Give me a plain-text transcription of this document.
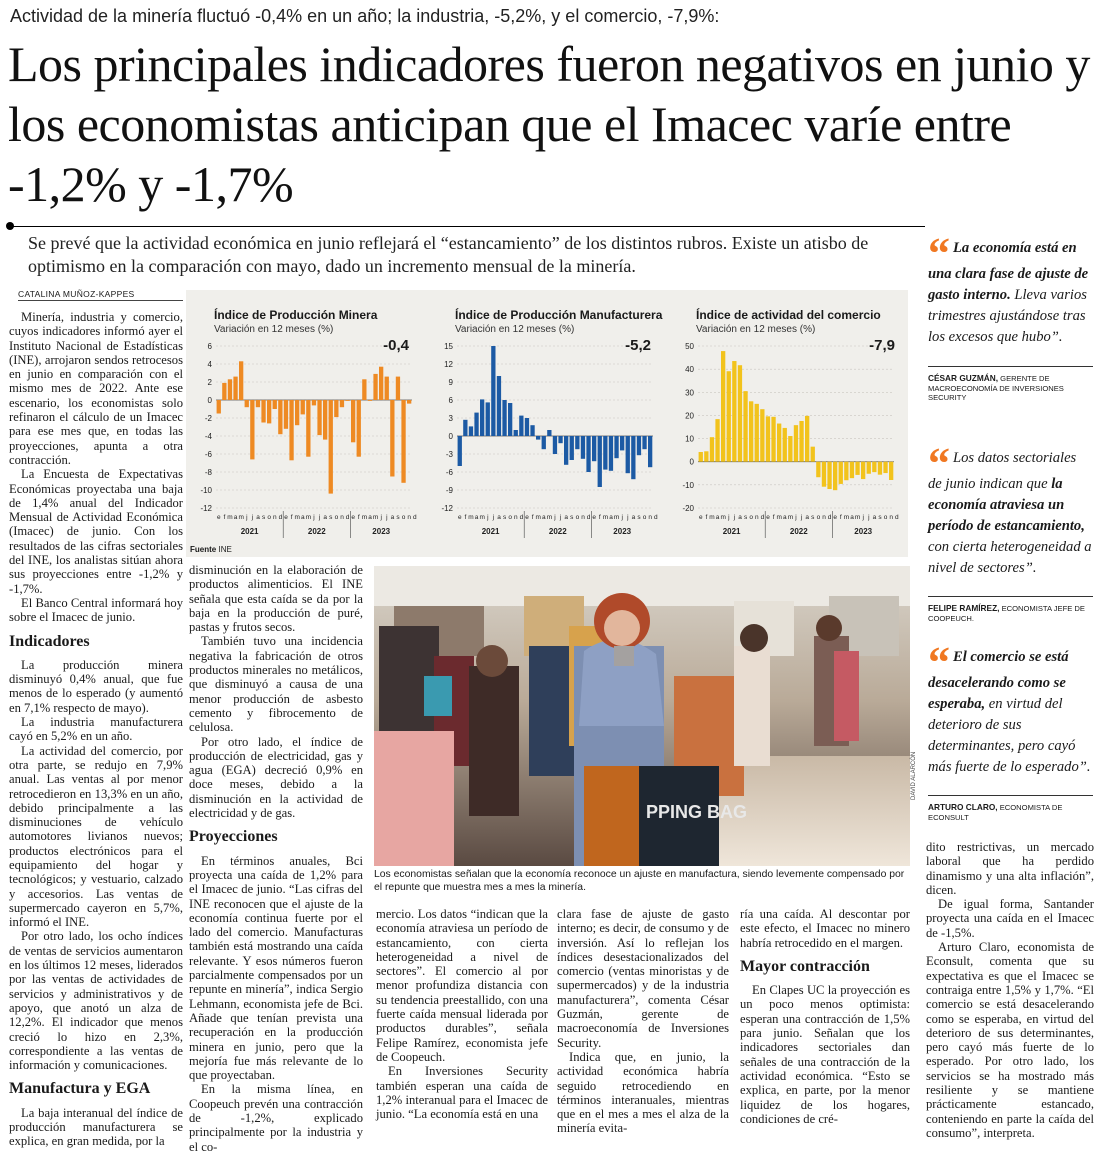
Actividad de la minería fluctuó -0,4% en un año; la industria, -5,2%, y el comercio, -7,9%:
Los principales indicadores fueron negativos en junio y los economistas anticipan que el Imacec varíe entre -1,2% y -1,7%
Se prevé que la actividad económica en junio reflejará el “estancamiento” de los distintos rubros. Existe un atisbo de optimismo en la comparación con mayo, dado un incremento mensual de la minería.
CATALINA MUÑOZ-KAPPES

Minería, industria y comercio, cuyos indicadores informó ayer el Instituto Nacional de Estadísticas (INE), arrojaron sendos retrocesos en junio en comparación con el mismo mes de 2022. Ante ese escenario, los economistas solo refinaron el cálculo de un Imacec para ese mes que, en todas las proyecciones, apunta a otra contracción.

La Encuesta de Expectativas Económicas proyectaba una baja de 1,4% anual del Indicador Mensual de Actividad Económica (Imacec) de junio. Con los resultados de las cifras sectoriales del INE, los analistas sitúan ahora sus proyecciones entre -1,2% y -1,7%.

El Banco Central informará hoy sobre el Imacec de junio.

Indicadores

La producción minera disminuyó 0,4% anual, que fue menos de lo esperado (y aumentó en 7,1% respecto de mayo).

La industria manufacturera cayó en 5,2% en un año.

La actividad del comercio, por otra parte, se redujo en 7,9% anual. Las ventas al por menor retrocedieron en 13,3% en un año, debido principalmente a las disminuciones de vehículo automotores livianos nuevos; productos electrónicos para el equipamiento del hogar y tecnológicos; y vestuario, calzado y accesorios. Las ventas de supermercado cayeron en 5,7%, informó el INE.

Por otro lado, los ocho índices de ventas de servicios aumentaron en los últimos 12 meses, liderados por las ventas de actividades de servicios y administrativos y de apoyo, que anotó un alza de 12,2%. El indicador que menos creció lo hizo en 2,3%, correspondiente a las ventas de información y comunicaciones.

Manufactura y EGA

La baja interanual del índice de producción manufacturera se explica, en gran medida, por la

6
4
2
0
-2
-4
-6
-8
-10
-12
e f m a m j j a s o n d e f m a m j j a s o n d e f m a m j j a s o n d
2021	2022	2023
Índice de Producción Minera
Variación en 12 meses (%)
-0,4	15
12
9
6
3
0
-3
-6
-9
-12
e f m a m j j a s o n d e f m a m j j a s o n d e f m a m j j a s o n d
2021	2022	2023
Índice de Producción Manufacturera
Variación en 12 meses (%)
-5,2	50
40
30
20
10
0
-10
-20
e f m a m j j a s o n d e f m a m j j a s o n d e f m a m j j a s o n d
2021	2022	2023
Índice de actividad del comercio
Variación en 12 meses (%)
-7,9
Fuente INE

disminución en la elaboración de productos alimenticios. El INE señala que esta caída se da por la baja en la producción de puré, pastas y frutos secos.

También tuvo una incidencia negativa la fabricación de otros productos minerales no metálicos, que disminuyó a causa de una menor producción de asbesto cemento y fibrocemento de celulosa.

Por otro lado, el índice de producción de electricidad, gas y agua (EGA) decreció 0,9% en doce meses, debido a la disminución en la actividad de electricidad y de gas.

Proyecciones

En términos anuales, Bci proyecta una caída de 1,2% para el Imacec de junio. “Las cifras del INE reconocen que el ajuste de la economía continua fuerte por el lado del comercio. Manufacturas también está mostrando una caída relevante. Y esos números fueron parcialmente compensados por un repunte en minería”, indica Sergio Lehmann, economista jefe de Bci. Añade que tenían prevista una recuperación en la producción minera en junio, pero que la mejoría fue más relevante de lo que proyectaban.

En la misma línea, en Coopeuch prevén una contracción de -1,2%, explicado principalmente por la industria y el co-

PPING BAG
DAVID ALARCÓN
Los economistas señalan que la economía reconoce un ajuste en manufactura, siendo levemente compensado por el repunte que muestra mes a mes la minería.

mercio. Los datos “indican que la economía atraviesa un período de estancamiento, con cierta heterogeneidad a nivel de sectores”. El comercio al por menor profundiza distancia con su tendencia preestallido, con una fuerte caída mensual liderada por productos durables”, señala Felipe Ramírez, economista jefe de Coopeuch.

En Inversiones Security también esperan una caída de 1,2% interanual para el Imacec de junio. “La economía está en una

clara fase de ajuste de gasto interno; es decir, de consumo y de inversión. Así lo reflejan los índices desestacionalizados del comercio (ventas minoristas y de supermercados) y de la industria manufacturera”, comenta César Guzmán, gerente de macroeconomía de Inversiones Security.

Indica que, en junio, la actividad económica habría seguido retrocediendo en términos interanuales, mientras que en el mes a mes el alza de la minería evita-

ría una caída. Al descontar por este efecto, el Imacec no minero habría retrocedido en el margen.

Mayor contracción

En Clapes UC la proyección es un poco menos optimista: esperan una contracción de 1,5% para junio. Señalan que los indicadores sectoriales dan señales de una contracción de la actividad económica. “Esto se explica, en parte, por la menor liquidez de los hogares, condiciones de cré-

“ La economía está en una clara fase de ajuste de gasto interno. Lleva varios trimestres ajustándose tras los excesos que hubo”.
CÉSAR GUZMÁN, GERENTE DE MACROECONOMÍA DE INVERSIONES SECURITY
“ Los datos sectoriales de junio indican que la economía atraviesa un período de estancamiento, con cierta heterogeneidad a nivel de sectores”.
FELIPE RAMÍREZ, ECONOMISTA JEFE DE COOPEUCH.
“ El comercio se está desacelerando como se esperaba, en virtud del deterioro de sus determinantes, pero cayó más fuerte de lo esperado”.
ARTURO CLARO, ECONOMISTA DE ECONSULT

dito restrictivas, un mercado laboral que ha perdido dinamismo y una alta inflación”, dicen.

De igual forma, Santander proyecta una caída en el Imacec de -1,5%.

Arturo Claro, economista de Econsult, comenta que su expectativa es que el Imacec se contraiga entre 1,5% y 1,7%. “El comercio se está desacelerando como se esperaba, en virtud del deterioro de sus determinantes, pero cayó más fuerte de lo esperado. Por otro lado, los servicios se ha mostrado más resiliente y se mantiene prácticamente estancado, conteniendo en parte la caída del consumo”, interpreta.
